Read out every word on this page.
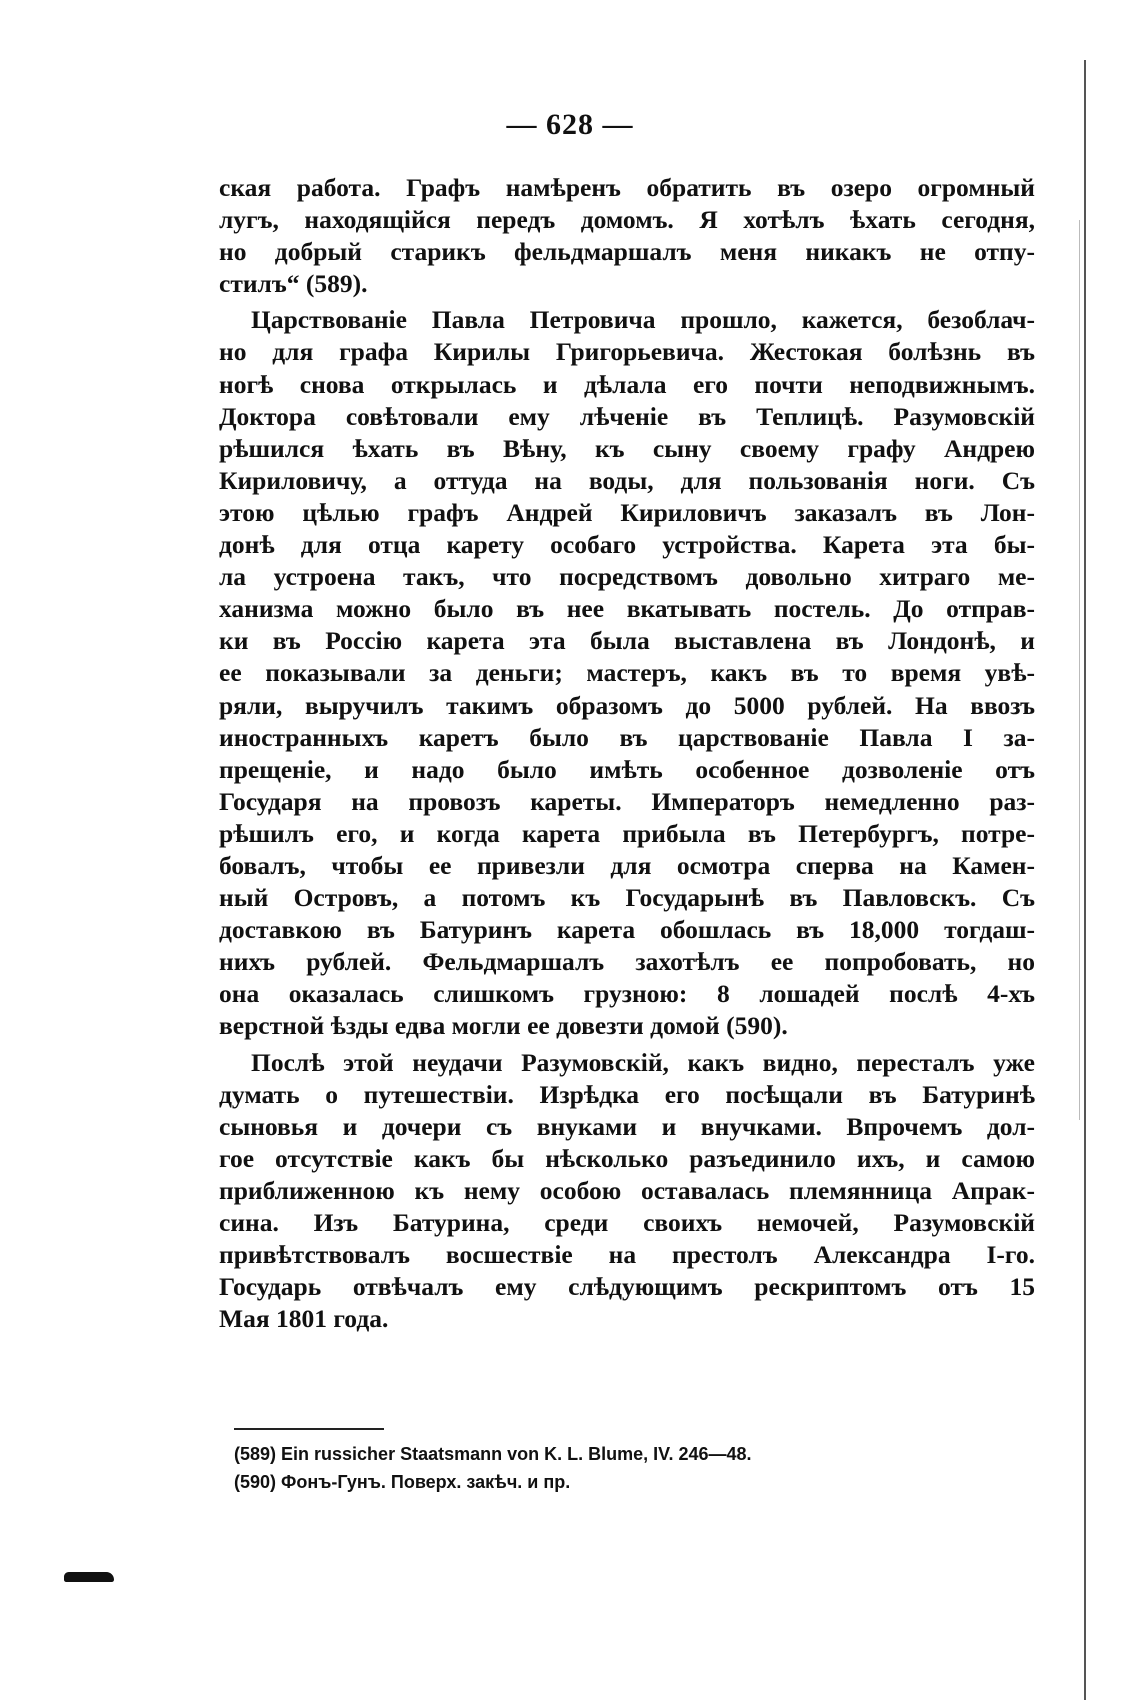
— 628 —

ская работа. Графъ намѣренъ обратить въ озеро огромный
лугъ, находящійся передъ домомъ. Я хотѣлъ ѣхать сегодня,
но добрый старикъ фельдмаршалъ меня никакъ не отпу-
стилъ“ (589).

Царствованіе Павла Петровича прошло, кажется, безоблач-
но для графа Кирилы Григорьевича. Жестокая болѣзнь въ
ногѣ снова открылась и дѣлала его почти неподвижнымъ.
Доктора совѣтовали ему лѣченіе въ Теплицѣ. Разумовскій
рѣшился ѣхать въ Вѣну, къ сыну своему графу Андрею
Кириловичу, а оттуда на воды, для пользованія ноги. Съ
этою цѣлью графъ Андрей Кириловичъ заказалъ въ Лон-
донѣ для отца карету особаго устройства. Карета эта бы-
ла устроена такъ, что посредствомъ довольно хитраго ме-
ханизма можно было въ нее вкатывать постель. До отправ-
ки въ Россію карета эта была выставлена въ Лондонѣ, и
ее показывали за деньги; мастеръ, какъ въ то время увѣ-
ряли, выручилъ такимъ образомъ до 5000 рублей. На ввозъ
иностранныхъ каретъ было въ царствованіе Павла I за-
прещеніе, и надо было имѣть особенное дозволеніе отъ
Государя на провозъ кареты. Императоръ немедленно раз-
рѣшилъ его, и когда карета прибыла въ Петербургъ, потре-
бовалъ, чтобы ее привезли для осмотра сперва на Камен-
ный Островъ, а потомъ къ Государынѣ въ Павловскъ. Съ
доставкою въ Батуринъ карета обошлась въ 18,000 тогдаш-
нихъ рублей. Фельдмаршалъ захотѣлъ ее попробовать, но
она оказалась слишкомъ грузною: 8 лошадей послѣ 4-хъ
верстной ѣзды едва могли ее довезти домой (590).

Послѣ этой неудачи Разумовскій, какъ видно, пересталъ уже
думать о путешествіи. Изрѣдка его посѣщали въ Батуринѣ
сыновья и дочери съ внуками и внучками. Впрочемъ дол-
гое отсутствіе какъ бы нѣсколько разъединило ихъ, и самою
приближенною къ нему особою оставалась племянница Апрак-
сина. Изъ Батурина, среди своихъ немочей, Разумовскій
привѣтствовалъ восшествіе на престолъ Александра I-го.
Государь отвѣчалъ ему слѣдующимъ рескриптомъ отъ 15
Мая 1801 года.

(589) Ein russicher Staatsmann von K. L. Blume, IV. 246—48.
(590) Фонъ-Гунъ. Поверх. закѣч. и пр.
